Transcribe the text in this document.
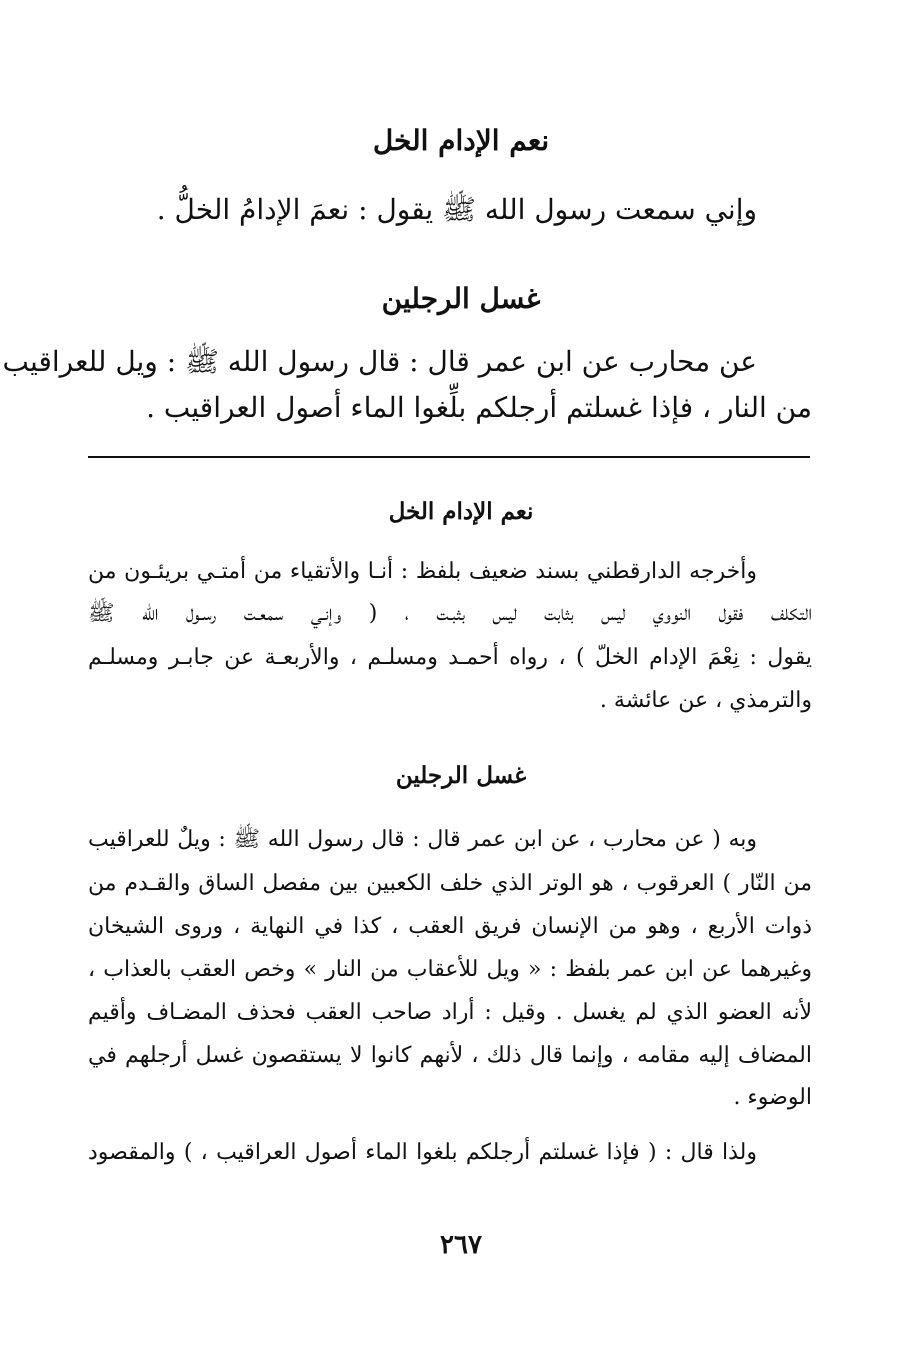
نعم الإدام الخل
وإني سمعت رسول الله ﷺ يقول : نعمَ الإدامُ الخلُّ .
غسل الرجلين
عن محارب عن ابن عمر قال : قال رسول الله ﷺ : ويل للعراقيب
من النار ، فإذا غسلتم أرجلكم بلِّغوا الماء أصول العراقيب .
نعم الإدام الخل
وأخرجه الدارقطني بسند ضعيف بلفظ : أنـا والأتقياء من أمتـي بريئـون من
التكلف فقول النووي ليس بثابت ليس بثبـت ، ( وإنـي سمعـت رسـول الله ﷺ
يقول : نِعْمَ الإدام الخلّ ) ، رواه أحمـد ومسلـم ، والأربعـة عن جابـر ومسلـم
والترمذي ، عن عائشة .
غسل الرجلين
وبه ( عن محارب ، عن ابن عمر قال : قال رسول الله ﷺ : ويلٌ للعراقيب
من النّار ) العرقوب ، هو الوتر الذي خلف الكعبين بين مفصل الساق والقـدم من
ذوات الأربع ، وهو من الإنسان فريق العقب ، كذا في النهاية ، وروى الشيخان
وغيرهما عن ابن عمر بلفظ : « ويل للأعقاب من النار » وخص العقب بالعذاب ،
لأنه العضو الذي لم يغسل . وقيل : أراد صاحب العقب فحذف المضـاف وأقيم
المضاف إليه مقامه ، وإنما قال ذلك ، لأنهم كانوا لا يستقصون غسل أرجلهم في
الوضوء .
ولذا قال : ( فإذا غسلتم أرجلكم بلغوا الماء أصول العراقيب ، ) والمقصود
٢٦٧
